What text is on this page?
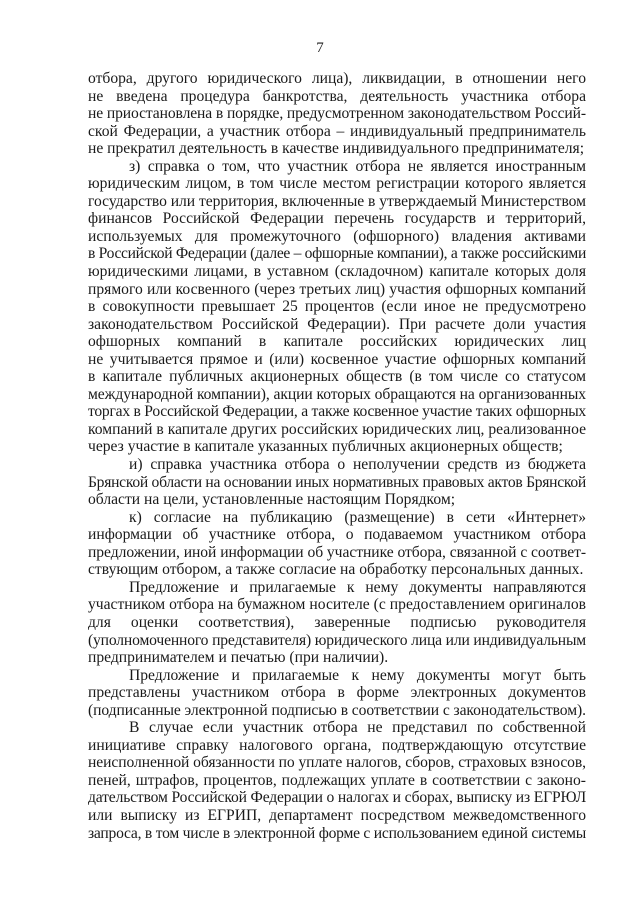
7
отбора, другого юридического лица), ликвидации, в отношении него
не введена процедура банкротства, деятельность участника отбора
не приостановлена в порядке, предусмотренном законодательством Россий-
ской Федерации, а участник отбора – индивидуальный предприниматель
не прекратил деятельность в качестве индивидуального предпринимателя;
з) справка о том, что участник отбора не является иностранным
юридическим лицом, в том числе местом регистрации которого является
государство или территория, включенные в утверждаемый Министерством
финансов Российской Федерации перечень государств и территорий,
используемых для промежуточного (офшорного) владения активами
в Российской Федерации (далее – офшорные компании), а также российскими
юридическими лицами, в уставном (складочном) капитале которых доля
прямого или косвенного (через третьих лиц) участия офшорных компаний
в совокупности превышает 25 процентов (если иное не предусмотрено
законодательством Российской Федерации). При расчете доли участия
офшорных компаний в капитале российских юридических лиц
не учитывается прямое и (или) косвенное участие офшорных компаний
в капитале публичных акционерных обществ (в том числе со статусом
международной компании), акции которых обращаются на организованных
торгах в Российской Федерации, а также косвенное участие таких офшорных
компаний в капитале других российских юридических лиц, реализованное
через участие в капитале указанных публичных акционерных обществ;
и) справка участника отбора о неполучении средств из бюджета
Брянской области на основании иных нормативных правовых актов Брянской
области на цели, установленные настоящим Порядком;
к) согласие на публикацию (размещение) в сети «Интернет»
информации об участнике отбора, о подаваемом участником отбора
предложении, иной информации об участнике отбора, связанной с соответ-
ствующим отбором, а также согласие на обработку персональных данных.
Предложение и прилагаемые к нему документы направляются
участником отбора на бумажном носителе (с предоставлением оригиналов
для оценки соответствия), заверенные подписью руководителя
(уполномоченного представителя) юридического лица или индивидуальным
предпринимателем и печатью (при наличии).
Предложение и прилагаемые к нему документы могут быть
представлены участником отбора в форме электронных документов
(подписанные электронной подписью в соответствии с законодательством).
В случае если участник отбора не представил по собственной
инициативе справку налогового органа, подтверждающую отсутствие
неисполненной обязанности по уплате налогов, сборов, страховых взносов,
пеней, штрафов, процентов, подлежащих уплате в соответствии с законо-
дательством Российской Федерации о налогах и сборах, выписку из ЕГРЮЛ
или выписку из ЕГРИП, департамент посредством межведомственного
запроса, в том числе в электронной форме с использованием единой системы
